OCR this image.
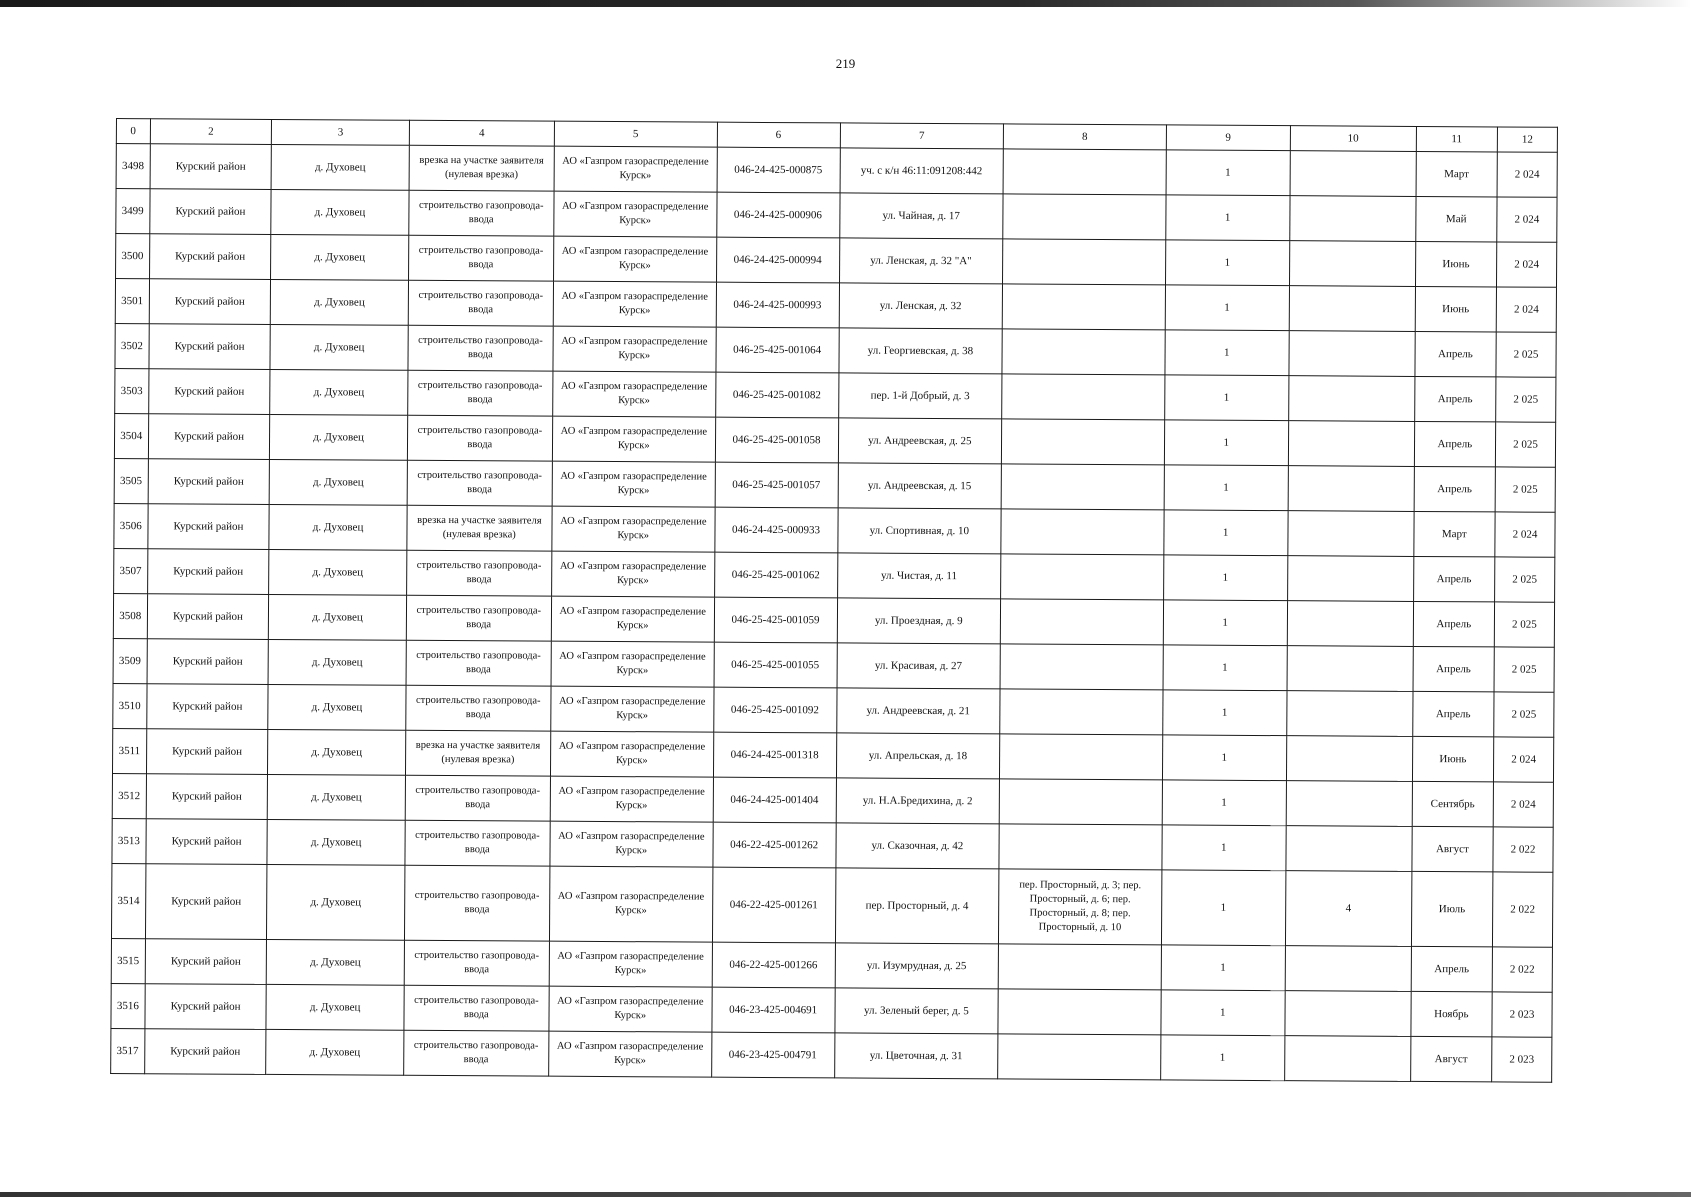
219
0	2	3	4	5	6	7	8	9	10	11	12
3498	Курский район	д. Духовец	врезка на участке заявителя (нулевая врезка)	АО «Газпром газораспределение Курск»	046-24-425-000875	уч. с к/н 46:11:091208:442		1		Март	2 024
3499	Курский район	д. Духовец	строительство газопровода-ввода	АО «Газпром газораспределение Курск»	046-24-425-000906	ул. Чайная, д. 17		1		Май	2 024
3500	Курский район	д. Духовец	строительство газопровода-ввода	АО «Газпром газораспределение Курск»	046-24-425-000994	ул. Ленская, д. 32 "А"		1		Июнь	2 024
3501	Курский район	д. Духовец	строительство газопровода-ввода	АО «Газпром газораспределение Курск»	046-24-425-000993	ул. Ленская, д. 32		1		Июнь	2 024
3502	Курский район	д. Духовец	строительство газопровода-ввода	АО «Газпром газораспределение Курск»	046-25-425-001064	ул. Георгиевская, д. 38		1		Апрель	2 025
3503	Курский район	д. Духовец	строительство газопровода-ввода	АО «Газпром газораспределение Курск»	046-25-425-001082	пер. 1-й Добрый, д. 3		1		Апрель	2 025
3504	Курский район	д. Духовец	строительство газопровода-ввода	АО «Газпром газораспределение Курск»	046-25-425-001058	ул. Андреевская, д. 25		1		Апрель	2 025
3505	Курский район	д. Духовец	строительство газопровода-ввода	АО «Газпром газораспределение Курск»	046-25-425-001057	ул. Андреевская, д. 15		1		Апрель	2 025
3506	Курский район	д. Духовец	врезка на участке заявителя (нулевая врезка)	АО «Газпром газораспределение Курск»	046-24-425-000933	ул. Спортивная, д. 10		1		Март	2 024
3507	Курский район	д. Духовец	строительство газопровода-ввода	АО «Газпром газораспределение Курск»	046-25-425-001062	ул. Чистая, д. 11		1		Апрель	2 025
3508	Курский район	д. Духовец	строительство газопровода-ввода	АО «Газпром газораспределение Курск»	046-25-425-001059	ул. Проездная, д. 9		1		Апрель	2 025
3509	Курский район	д. Духовец	строительство газопровода-ввода	АО «Газпром газораспределение Курск»	046-25-425-001055	ул. Красивая, д. 27		1		Апрель	2 025
3510	Курский район	д. Духовец	строительство газопровода-ввода	АО «Газпром газораспределение Курск»	046-25-425-001092	ул. Андреевская, д. 21		1		Апрель	2 025
3511	Курский район	д. Духовец	врезка на участке заявителя (нулевая врезка)	АО «Газпром газораспределение Курск»	046-24-425-001318	ул. Апрельская, д. 18		1		Июнь	2 024
3512	Курский район	д. Духовец	строительство газопровода-ввода	АО «Газпром газораспределение Курск»	046-24-425-001404	ул. Н.А.Бредихина, д. 2		1		Сентябрь	2 024
3513	Курский район	д. Духовец	строительство газопровода-ввода	АО «Газпром газораспределение Курск»	046-22-425-001262	ул. Сказочная, д. 42		1		Август	2 022
3514	Курский район	д. Духовец	строительство газопровода-ввода	АО «Газпром газораспределение Курск»	046-22-425-001261	пер. Просторный, д. 4	пер. Просторный, д. 3; пер. Просторный, д. 6; пер. Просторный, д. 8; пер. Просторный, д. 10	1	4	Июль	2 022
3515	Курский район	д. Духовец	строительство газопровода-ввода	АО «Газпром газораспределение Курск»	046-22-425-001266	ул. Изумрудная, д. 25		1		Апрель	2 022
3516	Курский район	д. Духовец	строительство газопровода-ввода	АО «Газпром газораспределение Курск»	046-23-425-004691	ул. Зеленый берег, д. 5		1		Ноябрь	2 023
3517	Курский район	д. Духовец	строительство газопровода-ввода	АО «Газпром газораспределение Курск»	046-23-425-004791	ул. Цветочная, д. 31		1		Август	2 023
